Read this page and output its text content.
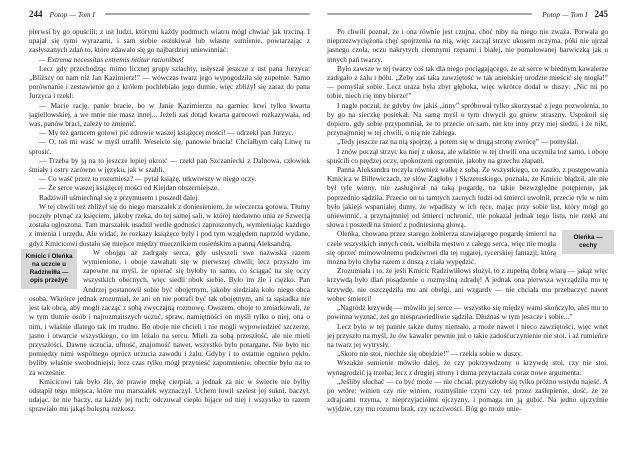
244 Potop — Tom I

pierwsi by go opuścili; z ust ludzi, którymi każdy podmuch wiatru mógł chwiać jak trzciną. I upajał się tymi wyrazami, i sam siebie oszukiwał lub własne sumienie, powtarzając z zasłyszanych zdań to, które zdawało się go najbardziej uniewinniać:

— Extrema necessitas extremis nititur rationibus!

Lecz gdy przechodząc mimo licznej grupy szlachty, usłyszał jeszcze z ust pana Jurzyca: „Bliższy on nam niż Jan Kazimierz!” — wówczas twarz jego wypogodziła się zupełnie. Samo porównanie i zestawienie go z królem pochlebiało jego dumie, więc zbliżył się zaraz do pana Jurzyca i rzekł:

— Macie rację, panie bracie, bo w Janie Kazimierzu na garniec krwi tylko kwarta jagiellowskiej, a we mnie nie masz innej... Jeżeli zaś dotąd kwarta garncowi rozkazywała, od was, panów braci, zależy to zmienić.

— My też garncem gotowi pić zdrowie waszej książęcej mości! — odrzekł pan Jurzyc.

— O, toś mi waść w myśl utrafił. Weselcie się, panowie bracia! Chciałbym całą Litwę tu sprosić.

— Trzeba by ją na to jeszcze lepiej okroić — rzekł pan Szczaniecki z Dalnowa, człowiek śmiały i ostry zarówno w języku, jak w szabli.

— Co waść przez to rozumiesz? — pytał książę, utkwiwszy w niego oczy.

— Że serce waszej książęcej mości od Kiejdan obszerniejsze.

Radziwiłł uśmiechnął się z przymusem i poszedł dalej.

W tej chwili też zbliżył się do niego marszałek z doniesieniem, że wieczerza gotowa. Tłumy poczęły płynąć za księciem, jakoby rzeka, do tej samej sali, w której niedawno unia ze Szwecją została ogłoszona. Tam marszałek usadził wedle godności zaproszonych, wymieniając każdego z imienia i urzędu. Ale widać, że rozkazy książęce były i pod tym względem naprzód wydane, gdyż Kmicicowi dostało się miejsce między miecznikiem rosieńskim a panną Aleksandrą.

Kmicic i Oleńka na uczcie u Radziwiłła — opis przeżyć
W obojgu aż zadrgały serca, gdy usłyszeli swe nazwiska razem wymienione, i oboje zawahali się w pierwszej chwili; lecz przyszło im zapewne na myśl, że opierać się byłoby to samo, co ściągać na się oczy wszystkich obecnych, więc siedli obok siebie. Było im źle i ciężko. Pan Andrzej postanowił sobie być obojętnym, jakoby siedziała koło niego obca osoba. Wkrótce jednak zrozumiał, że ani on nie potrafi być tak obojętnym, ani ta sąsiadka nie jest tak obcą, aby mogli zacząć z sobą zwyczajną rozmowę. Owszem, oboje to zmiarkowali, że w tym tłumie osób i najrozmaitszych uczuć, spraw, namiętności on myśli tylko o niej, ona o nim, i właśnie dlatego tak im trudno. Bo oboje nie chcieli i nie mogli wypowiedzieć szczerze, jasno i otwarcie wszystkiego, co im leżało na sercu. Mieli za sobą przeszłość, ale nie mieli przyszłości. Dawne uczucia, ufność, znajomość nawet, wszystko było potargane. Nie było nic pomiędzy nimi wspólnego oprócz uczucia zawodu i żalu. Gdyby i to ostatnie ogniwo pękło, byliby właśnie swobodniejsi; lecz czas tylko mógł przynieść zapomnienie, obecnie było na to za wcześnie.

Kmicicowi tak było źle, że prawie mękę cierpiał, a jednak za nic w świecie nie byłby odstąpił tego miejsca, które mu marszałek wyznaczył. Uchem łowił szelest jej sukni, baczył, udając, że nie baczy, na każdy jej ruch; odczuwał ciepło bijące od niej i wszystko to razem sprawiało mu jakąś bolesną rozkosz.

Potop — Tom I 245

Po chwili poznał, że i ona równie jest czujna, choć niby na niego nie zważa. Porwała go nieprzezwyciężona chęć spojrzenia na nią, więc zaczął strzyc ukosem oczyma, póki nie ujrzał jasnego czoła, oczu nakrytych ciemnymi rzęsami i białej, nie pomalowanej barwiczką jak u innych pań twarzy.

Było zawsze w tej twarzy coś tak dla niego pociągającego, że aż serce w biednym kawalerze zadrgało z żalu i bólu. „Żeby zaś taka zawziętość w tak anielskiej urodzie mieścić się mogła!” — pomyślał sobie. Lecz uraza była zbyt głęboka, więc wkrótce dodał w duszy: „Nic mi po tobie, niech cię inny bierze!”

I nagle poczuł, że gdyby ów jakiś „inny” spróbował tylko skorzystać z jego pozwolenia, to by go na sieczkę posiekał. Na samą myśl o tym chwycił go gniew straszny. Uspokoił się dopiero, gdy sobie przypomniał, że to przecie on sam, nie kto inny przy niej siedzi, i że nikt, przynajmniej w tej chwili, o nią nie zabiega.

„Tedy jeszcze raz na nią spojrzę, a potem się w drugą stronę zwrócę” — pomyślał.

I znów począł strzyc ku niej z ukosa, ale właśnie w tej chwili ona uczyniła toż samo, i oboje spuścili co prędzej oczy, upokorzeni ogromnie, jakoby na grzechu złapani.

Panna Aleksandra toczyła również walkę z sobą. Ze wszystkiego, co zaszło, z postępowania Kmicica w Billewiczach, ze słów Zagłoby i Skrzetuskiego, poznała, że Kmicic błądził, ale nie był tyle winny, nie zasługiwał na taką pogardę, na takie bezwzględne potępienie, jak poprzednio sądziła. Przecie on to tamtych zacnych ludzi od śmierci uwolnił, przecie tyle w nim było jakiejś wspaniałej dumy, że wpadłszy w ich ręce, mając przy sobie list, który mógł go uniewinnić, a przynajmniej od śmierci uchronić, nie pokazał jednak tego listu, nie rzekł ani słowa i poszedł na śmierć z podniesioną głową.

Oleńka — cechy
Oleńka, chowana przez starego żołnierza stawiającego pogardę śmierci na czele wszystkich innych cnót, wielbiła męstwo z całego serca, więc nie mogła się oprzeć mimowolnemu podziwowi dla tej rogatej, rycerskiej fantazji, którą można było chyba razem z duszą z ciała wypędzić.

Zrozumiała i to, że jeśli Kmicic Radziwiłłowi służył, to z zupełną dobrą wiarą — jakąż więc krzywdą było dlań posądzenie o rozmyślną zdradę! A jednak ona pierwsza wyrządziła mu tę krzywdę, nie oszczędziła mu ani obelgi, ani wzgardy — nie chciała mu przebaczyć nawet wobec śmierci!

„Nagródź krzywdę — mówiło jej serce — wszystko się między wami skończyło, aleś mu to powinna wyznać, żeś go niesprawiedliwie sądziła. Dłużnaś w tym jeszcze i sobie...”

Lecz było w tej pannie także dumy niemało, a może nawet i nieco zawziętości, więc wnet jej przyszło na myśl, że ów kawaler pewnie już o takie zadośćuczynienie nie stoi, i aż rumieńce na twarz jej wytrysły.

„Skoro nie stoi, niechże się obejdzie!” — rzekła sobie w duszy.

Wszakże sumienie mówiło dalej, że czy pokrzywdzony o krzywdę stoi, czy nie stoi, wynagrodzić ją trzeba; lecz z drugiej strony i duma przytaczała coraz nowe argumenta:

„Jeśliby słuchać — co być może — nie chciał, przyszłoby się tylko próżno wstydu najeść. A po wtóre: winien czy nie winien, rozmyślnie czyni czy też przez zaślepienie, dość, że ze zdrajcami trzyma, z nieprzyjaciółmi ojczyzny, i pomaga im ją gubić. Na jedno ojczyźnie wyjdzie, czy mu rozumu brak, czy uczciwości. Bóg go może unie-
